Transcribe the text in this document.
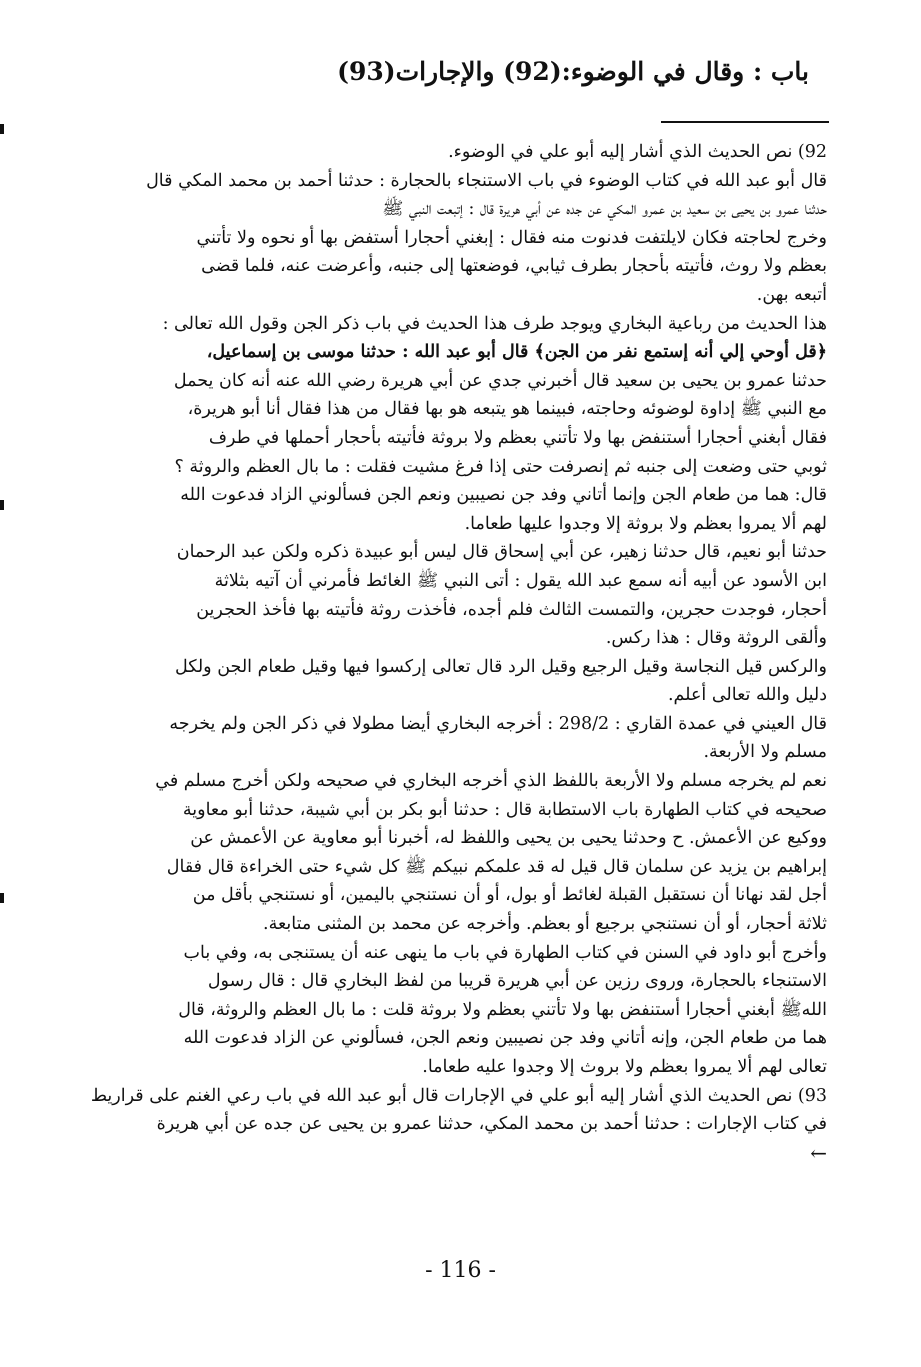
باب : وقال في الوضوء:(92) والإجارات(93)
92) نص الحديث الذي أشار إليه أبو علي في الوضوء.
قال أبو عبد الله في كتاب الوضوء في باب الاستنجاء بالحجارة : حدثنا أحمد بن محمد المكي قال
حدثنا عمرو بن يحيى بن سعيد بن عمرو المكي عن جده عن أبي هريرة قال : إتبعت النبي ﷺ
وخرج لحاجته فكان لايلتفت فدنوت منه فقال : إبغني أحجارا أستفض بها أو نحوه ولا تأتني
بعظم ولا روث، فأتيته بأحجار بطرف ثيابي، فوضعتها إلى جنبه، وأعرضت عنه، فلما قضى
أتبعه بهن.
هذا الحديث من رباعية البخاري ويوجد طرف هذا الحديث في باب ذكر الجن وقول الله تعالى :
﴿قل أوحي إلي أنه إستمع نفر من الجن﴾ قال أبو عبد الله : حدثنا موسى بن إسماعيل،
حدثنا عمرو بن يحيى بن سعيد قال أخبرني جدي عن أبي هريرة رضي الله عنه أنه كان يحمل
مع النبي ﷺ إداوة لوضوئه وحاجته، فبينما هو يتبعه هو بها فقال من هذا فقال أنا أبو هريرة،
فقال أبغني أحجارا أستنفض بها ولا تأتني بعظم ولا بروثة فأتيته بأحجار أحملها في طرف
ثوبي حتى وضعت إلى جنبه ثم إنصرفت حتى إذا فرغ مشيت فقلت : ما بال العظم والروثة ؟
قال: هما من طعام الجن وإنما أتاني وفد جن نصيبين ونعم الجن فسألوني الزاد فدعوت الله
لهم ألا يمروا بعظم ولا بروثة إلا وجدوا عليها طعاما.
حدثنا أبو نعيم، قال حدثنا زهير، عن أبي إسحاق قال ليس أبو عبيدة ذكره ولكن عبد الرحمان
ابن الأسود عن أبيه أنه سمع عبد الله يقول : أتى النبي ﷺ الغائط فأمرني أن آتيه بثلاثة
أحجار، فوجدت حجرين، والتمست الثالث فلم أجده، فأخذت روثة فأتيته بها فأخذ الحجرين
وألقى الروثة وقال : هذا ركس.
والركس قيل النجاسة وقيل الرجيع وقيل الرد قال تعالى إركسوا فيها وقيل طعام الجن ولكل
دليل والله تعالى أعلم.
قال العيني في عمدة القاري : 298/2 : أخرجه البخاري أيضا مطولا في ذكر الجن ولم يخرجه
مسلم ولا الأربعة.
نعم لم يخرجه مسلم ولا الأربعة باللفظ الذي أخرجه البخاري في صحيحه ولكن أخرج مسلم في
صحيحه في كتاب الطهارة باب الاستطابة قال : حدثنا أبو بكر بن أبي شيبة، حدثنا أبو معاوية
ووكيع عن الأعمش. ح وحدثنا يحيى بن يحيى واللفظ له، أخبرنا أبو معاوية عن الأعمش عن
إبراهيم بن يزيد عن سلمان قال قيل له قد علمكم نبيكم ﷺ كل شيء حتى الخراءة قال فقال
أجل لقد نهانا أن نستقبل القبلة لغائط أو بول، أو أن نستنجي باليمين، أو نستنجي بأقل من
ثلاثة أحجار، أو أن نستنجي برجيع أو بعظم. وأخرجه عن محمد بن المثنى متابعة.
وأخرج أبو داود في السنن في كتاب الطهارة في باب ما ينهى عنه أن يستنجى به، وفي باب
الاستنجاء بالحجارة، وروى رزين عن أبي هريرة قريبا من لفظ البخاري قال : قال رسول
اللهﷺ أبغني أحجارا أستنفض بها ولا تأتني بعظم ولا بروثة قلت : ما بال العظم والروثة، قال
هما من طعام الجن، وإنه أتاني وفد جن نصيبين ونعم الجن، فسألوني عن الزاد فدعوت الله
تعالى لهم ألا يمروا بعظم ولا بروث إلا وجدوا عليه طعاما.
93) نص الحديث الذي أشار إليه أبو علي في الإجارات قال أبو عبد الله في باب رعي الغنم على قراريط
في كتاب الإجارات : حدثنا أحمد بن محمد المكي، حدثنا عمرو بن يحيى عن جده عن أبي هريرة
←
- 116 -
